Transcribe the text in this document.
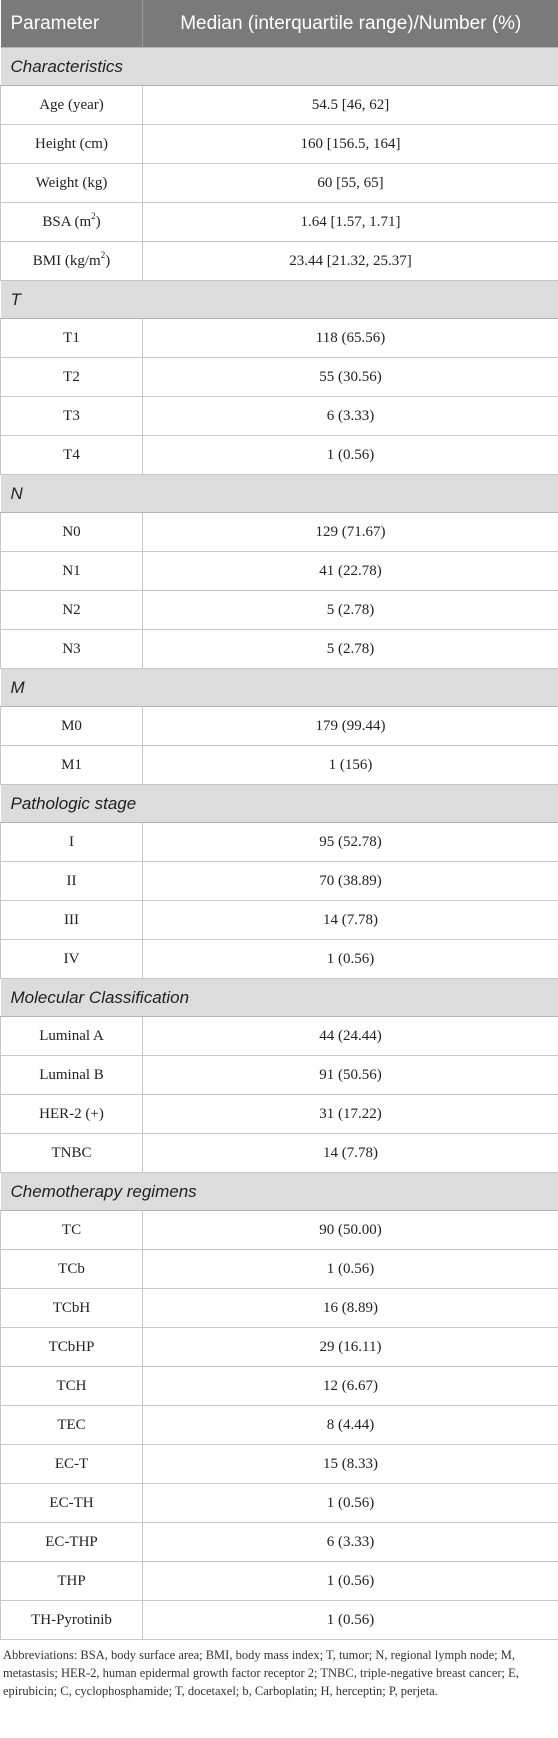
Parameter	Median (interquartile range)/Number (%)
Characteristics	
Age (year)	54.5 [46, 62]
Height (cm)	160 [156.5, 164]
Weight (kg)	60 [55, 65]
BSA $(m^2)$	1.64 [1.57, 1.71]
BMI $(kg/m^2)$	23.44 [21.32, 25.37]
T	
T1	118 (65.56)
T2	55 (30.56)
T3	6 (3.33)
T4	1 (0.56)
N	
N0	129 (71.67)
N1	41 (22.78)
N2	5 (2.78)
N3	5 (2.78)
M	
M0	179 (99.44)
M1	1 (156)
Pathologic stage	
I	95 (52.78)
II	70 (38.89)
III	14 (7.78)
IV	1 (0.56)
Molecular Classification	
Luminal A	44 (24.44)
Luminal B	91 (50.56)
HER-2 (+)	31 (17.22)
TNBC	14 (7.78)
Chemotherapy regimens	
TC	90 (50.00)
TCb	1 (0.56)
TCbH	16 (8.89)
TCbHP	29 (16.11)
TCH	12 (6.67)
TEC	8 (4.44)
EC-T	15 (8.33)
EC-TH	1 (0.56)
EC-THP	6 (3.33)
THP	1 (0.56)
TH-Pyrotinib	1 (0.56)
Abbreviations: BSA, body surface area; BMI, body mass index; T, tumor; N, regional lymph node; M, metastasis; HER-2, human epidermal growth factor receptor 2; TNBC, triple-negative breast cancer; E, epirubicin; C, cyclophosphamide; T, docetaxel; b, Carboplatin; H, herceptin; P, perjeta.
